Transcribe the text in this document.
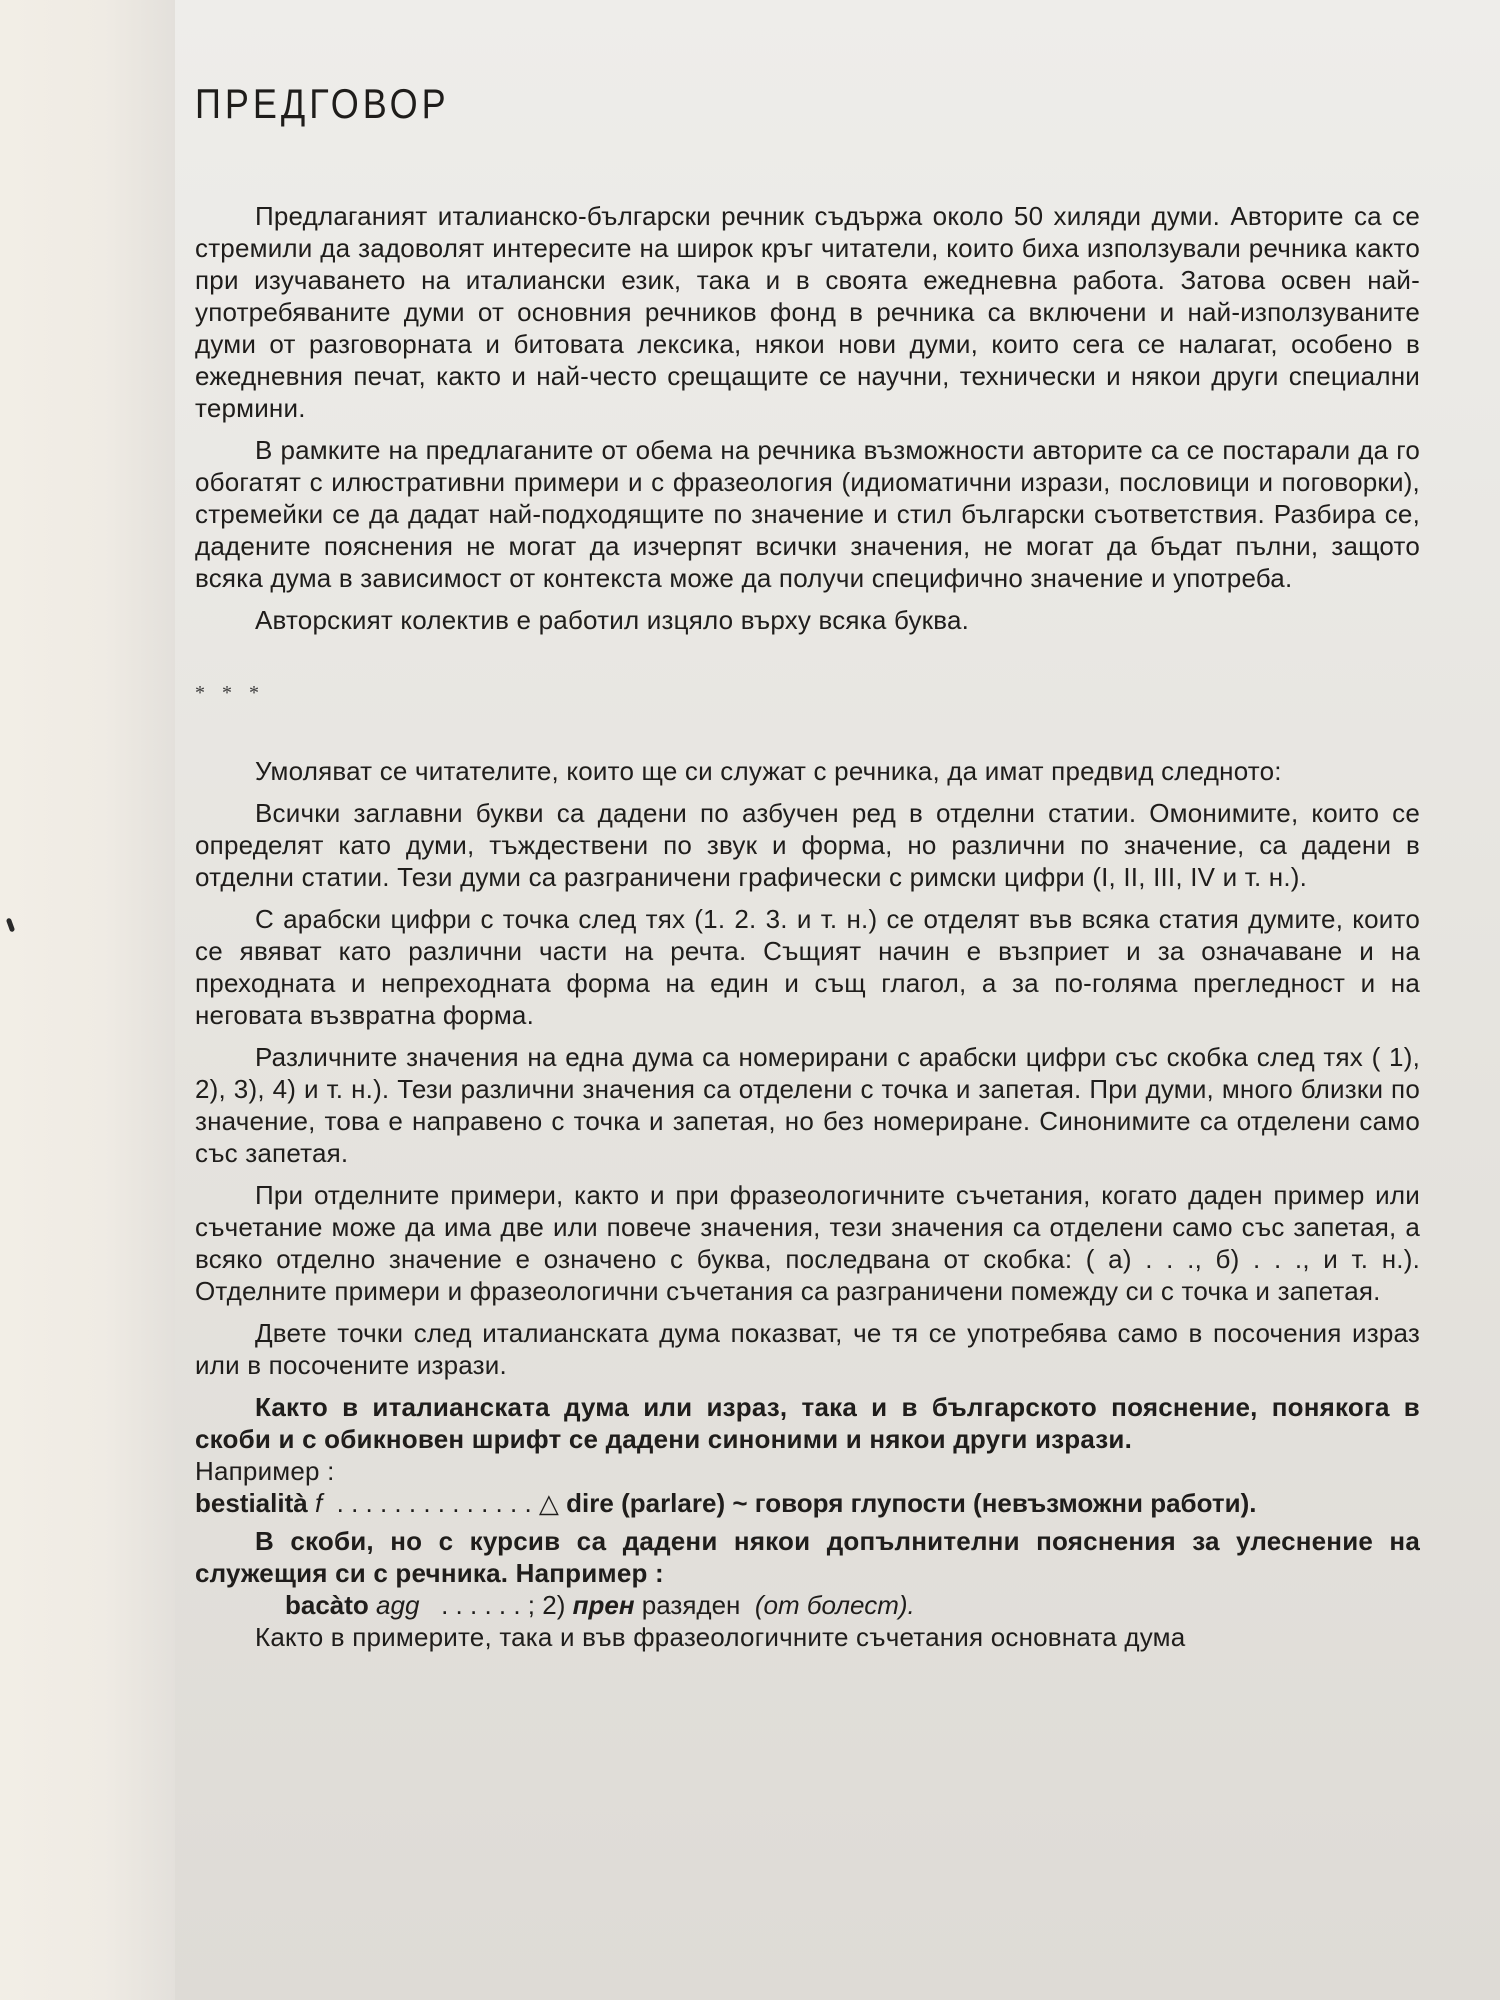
ПРЕДГОВОР

Предлаганият италианско-български речник съдържа около 50 хиляди думи. Авторите са се стремили да задоволят интересите на широк кръг читатели, които биха използували речника както при изучаването на италиански език, така и в своята ежедневна работа. Затова освен най-употребяваните думи от основния речников фонд в речника са включени и най-използуваните думи от разговорната и битовата лексика, някои нови думи, които сега се налагат, особено в ежедневния печат, както и най-често срещащите се научни, технически и някои други специални термини.

В рамките на предлаганите от обема на речника възможности авторите са се постарали да го обогатят с илюстративни примери и с фразеология (идиоматични изрази, пословици и поговорки), стремейки се да дадат най-подходящите по значение и стил български съответствия. Разбира се, дадените пояснения не могат да изчерпят всички значения, не могат да бъдат пълни, защото всяка дума в зависимост от контекста може да получи специфично значение и употреба.

Авторският колектив е работил изцяло върху всяка буква.

* * *

Умоляват се читателите, които ще си служат с речника, да имат предвид следното:

Всички заглавни букви са дадени по азбучен ред в отделни статии. Омонимите, които се определят като думи, тъждествени по звук и форма, но различни по значение, са дадени в отделни статии. Тези думи са разграничени графически с римски цифри (I, II, III, IV и т. н.).

С арабски цифри с точка след тях (1. 2. 3. и т. н.) се отделят във всяка статия думите, които се явяват като различни части на речта. Същият начин е възприет и за означаване и на преходната и непреходната форма на един и същ глагол, а за по-голяма прегледност и на неговата възвратна форма.

Различните значения на една дума са номерирани с арабски цифри със скобка след тях ( 1), 2), 3), 4) и т. н.). Тези различни значения са отделени с точка и запетая. При думи, много близки по значение, това е направено с точка и запетая, но без номериране. Синонимите са отделени само със запетая.

При отделните примери, както и при фразеологичните съчетания, когато даден пример или съчетание може да има две или повече значения, тези значения са отделени само със запетая, а всяко отделно значение е означено с буква, последвана от скобка: ( а) . . ., б) . . ., и т. н.). Отделните примери и фразеологични съчетания са разграничени помежду си с точка и запетая.

Двете точки след италианската дума показват, че тя се употребява само в посочения израз или в посочените изрази.

Както в италианската дума или израз, така и в българското пояснение, понякога в скоби и с обикновен шрифт се дадени синоними и някои други изрази.

Например :

bestialità f . . . . . . . . . . . . . . △ dire (parlare) ~ говоря глупости (невъзможни работи).

В скоби, но с курсив са дадени някои допълнителни пояснения за улеснение на служещия си с речника. Например :

bacàto agg . . . . . . ; 2) прен разяден (от болест).

Както в примерите, така и във фразеологичните съчетания основната дума
